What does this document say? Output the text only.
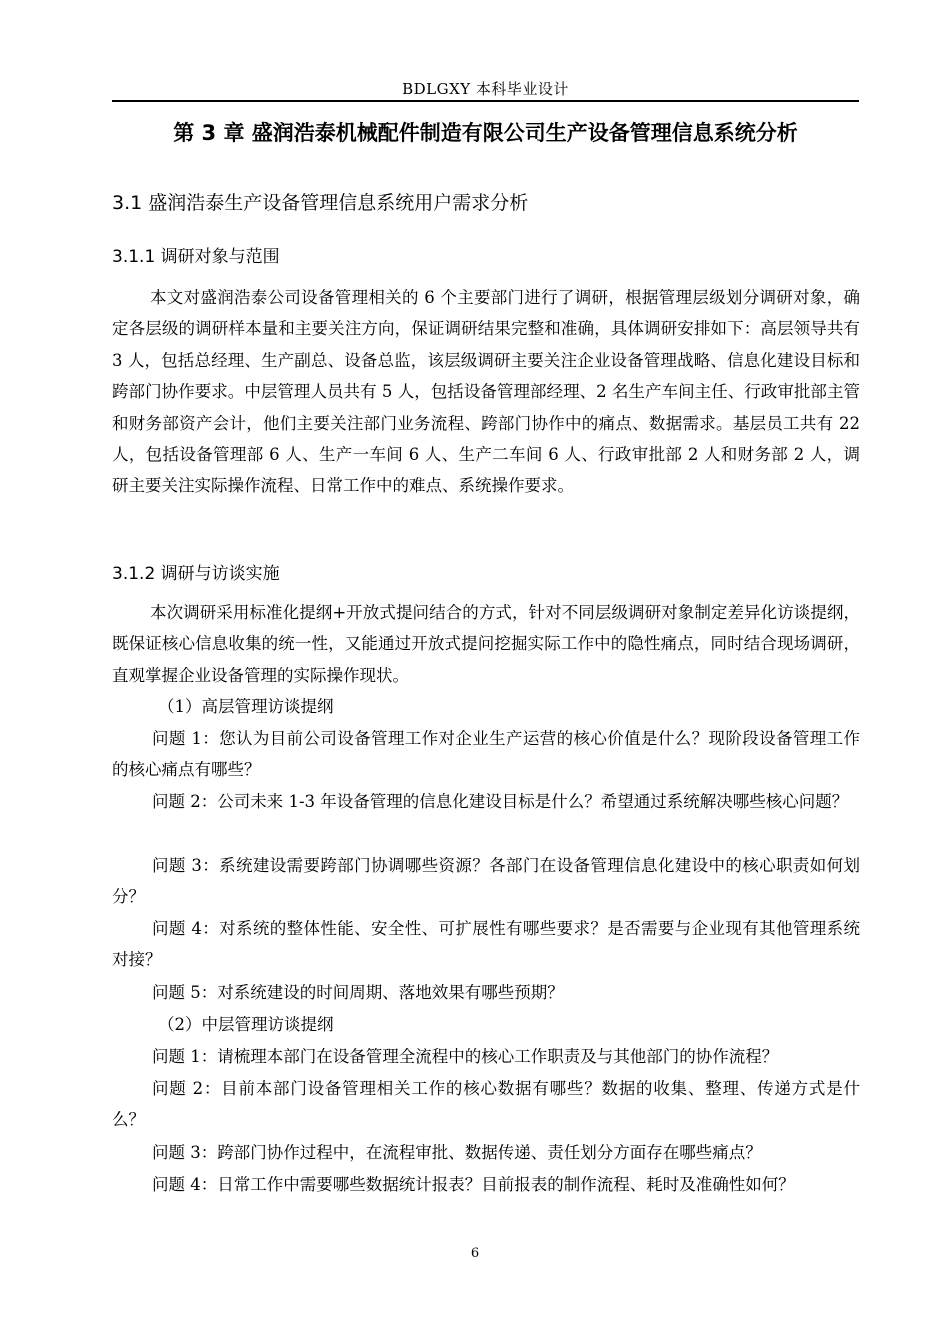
BDLGXY 本科毕业设计
第 3 章 盛润浩泰机械配件制造有限公司生产设备管理信息系统分析
3.1 盛润浩泰生产设备管理信息系统用户需求分析
3.1.1 调研对象与范围

本文对盛润浩泰公司设备管理相关的 6 个主要部门进行了调研，根据管理层级划分调研对象，确定各层级的调研样本量和主要关注方向，保证调研结果完整和准确，具体调研安排如下：高层领导共有 3 人，包括总经理、生产副总、设备总监，该层级调研主要关注企业设备管理战略、信息化建设目标和跨部门协作要求。中层管理人员共有 5 人，包括设备管理部经理、2 名生产车间主任、行政审批部主管和财务部资产会计，他们主要关注部门业务流程、跨部门协作中的痛点、数据需求。基层员工共有 22 人，包括设备管理部 6 人、生产一车间 6 人、生产二车间 6 人、行政审批部 2 人和财务部 2 人，调研主要关注实际操作流程、日常工作中的难点、系统操作要求。

3.1.2 调研与访谈实施

本次调研采用标准化提纲+开放式提问结合的方式，针对不同层级调研对象制定差异化访谈提纲，既保证核心信息收集的统一性，又能通过开放式提问挖掘实际工作中的隐性痛点，同时结合现场调研，直观掌握企业设备管理的实际操作现状。

（1）高层管理访谈提纲

问题 1：您认为目前公司设备管理工作对企业生产运营的核心价值是什么？现阶段设备管理工作的核心痛点有哪些？

问题 2：公司未来 1-3 年设备管理的信息化建设目标是什么？希望通过系统解决哪些核心问题？

问题 3：系统建设需要跨部门协调哪些资源？各部门在设备管理信息化建设中的核心职责如何划分？

问题 4：对系统的整体性能、安全性、可扩展性有哪些要求？是否需要与企业现有其他管理系统对接？

问题 5：对系统建设的时间周期、落地效果有哪些预期？

（2）中层管理访谈提纲

问题 1：请梳理本部门在设备管理全流程中的核心工作职责及与其他部门的协作流程？

问题 2：目前本部门设备管理相关工作的核心数据有哪些？数据的收集、整理、传递方式是什么？

问题 3：跨部门协作过程中，在流程审批、数据传递、责任划分方面存在哪些痛点？

问题 4：日常工作中需要哪些数据统计报表？目前报表的制作流程、耗时及准确性如何？

6
